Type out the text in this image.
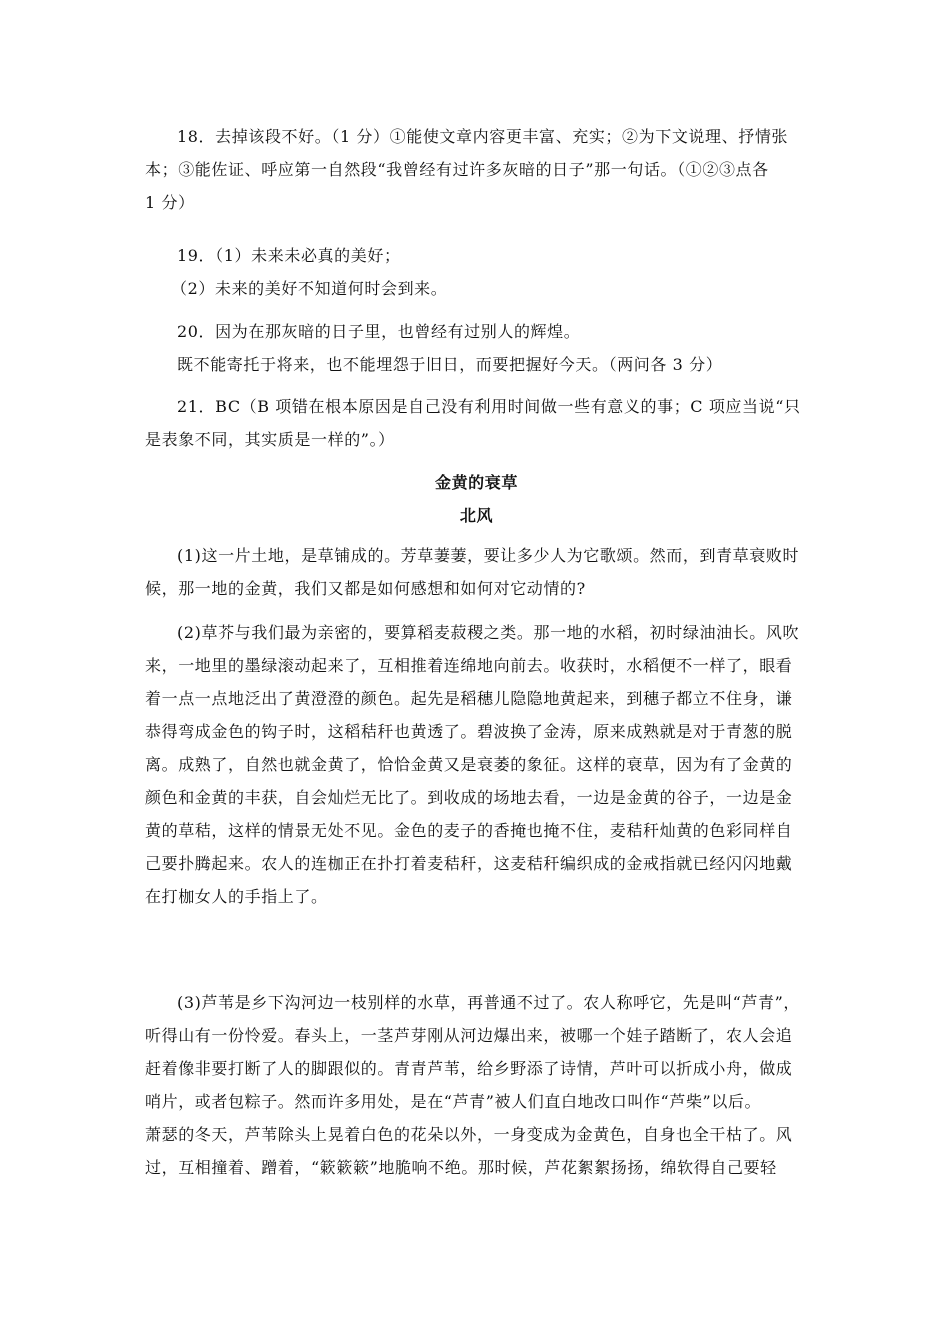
18．去掉该段不好。（1 分）①能使文章内容更丰富、充实；②为下文说理、抒情张
本；③能佐证、呼应第一自然段“我曾经有过许多灰暗的日子”那一句话。（①②③点各
1 分）
19．（1）未来未必真的美好；
（2）未来的美好不知道何时会到来。
20．因为在那灰暗的日子里，也曾经有过别人的辉煌。
既不能寄托于将来，也不能埋怨于旧日，而要把握好今天。（两问各 3 分）
21．BC（B 项错在根本原因是自己没有利用时间做一些有意义的事；C 项应当说“只
是表象不同，其实质是一样的”。）
金黄的衰草
北风
(1)这一片土地，是草铺成的。芳草萋萋，要让多少人为它歌颂。然而，到青草衰败时
候，那一地的金黄，我们又都是如何感想和如何对它动情的?
(2)草芥与我们最为亲密的，要算稻麦菽稷之类。那一地的水稻，初时绿油油长。风吹
来，一地里的墨绿滚动起来了，互相推着连绵地向前去。收获时，水稻便不一样了，眼看
着一点一点地泛出了黄澄澄的颜色。起先是稻穗儿隐隐地黄起来，到穗子都立不住身，谦
恭得弯成金色的钩子时，这稻秸秆也黄透了。碧波换了金涛，原来成熟就是对于青葱的脱
离。成熟了，自然也就金黄了，恰恰金黄又是衰萎的象征。这样的衰草，因为有了金黄的
颜色和金黄的丰获，自会灿烂无比了。到收成的场地去看，一边是金黄的谷子，一边是金
黄的草秸，这样的情景无处不见。金色的麦子的香掩也掩不住，麦秸秆灿黄的色彩同样自
己要扑腾起来。农人的连枷正在扑打着麦秸秆，这麦秸秆编织成的金戒指就已经闪闪地戴
在打枷女人的手指上了。
(3)芦苇是乡下沟河边一枝别样的水草，再普通不过了。农人称呼它，先是叫“芦青”，
听得山有一份怜爱。春头上，一茎芦芽刚从河边爆出来，被哪一个娃子踏断了，农人会追
赶着像非要打断了人的脚跟似的。青青芦苇，给乡野添了诗情，芦叶可以折成小舟，做成
哨片，或者包粽子。然而许多用处，是在“芦青”被人们直白地改口叫作“芦柴”以后。
萧瑟的冬天，芦苇除头上晃着白色的花朵以外，一身变成为金黄色，自身也全干枯了。风
过，互相撞着、蹭着，“簌簌簌”地脆响不绝。那时候，芦花絮絮扬扬，绵软得自己要轻
